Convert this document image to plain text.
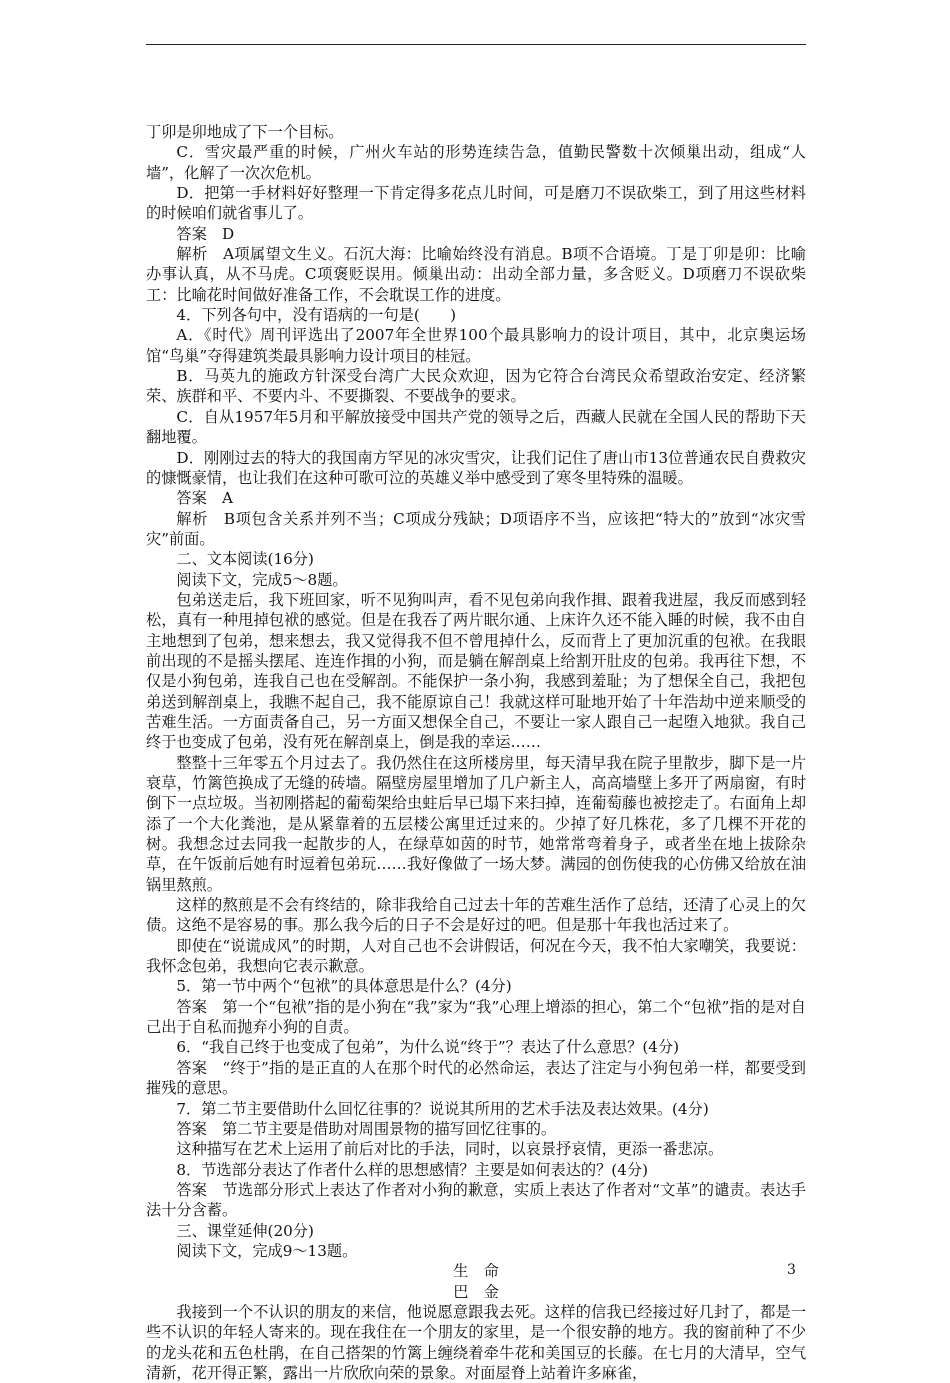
丁卯是卯地成了下一个目标。

C．雪灾最严重的时候，广州火车站的形势连续告急，值勤民警数十次倾巢出动，组成“人墙”，化解了一次次危机。

D．把第一手材料好好整理一下肯定得多花点儿时间，可是磨刀不误砍柴工，到了用这些材料的时候咱们就省事儿了。

答案　D

解析　A项属望文生义。石沉大海：比喻始终没有消息。B项不合语境。丁是丁卯是卯：比喻办事认真，从不马虎。C项褒贬误用。倾巢出动：出动全部力量，多含贬义。D项磨刀不误砍柴工：比喻花时间做好准备工作，不会耽误工作的进度。

4．下列各句中，没有语病的一句是(　　)

A．《时代》周刊评选出了2007年全世界100个最具影响力的设计项目，其中，北京奥运场馆“鸟巢”夺得建筑类最具影响力设计项目的桂冠。

B．马英九的施政方针深受台湾广大民众欢迎，因为它符合台湾民众希望政治安定、经济繁荣、族群和平、不要内斗、不要撕裂、不要战争的要求。

C．自从1957年5月和平解放接受中国共产党的领导之后，西藏人民就在全国人民的帮助下天翻地覆。

D．刚刚过去的特大的我国南方罕见的冰灾雪灾，让我们记住了唐山市13位普通农民自费救灾的慷慨豪情，也让我们在这种可歌可泣的英雄义举中感受到了寒冬里特殊的温暖。

答案　A

解析　B项包含关系并列不当；C项成分残缺；D项语序不当，应该把“特大的”放到“冰灾雪灾”前面。

二、文本阅读(16分)

阅读下文，完成5～8题。

包弟送走后，我下班回家，听不见狗叫声，看不见包弟向我作揖、跟着我进屋，我反而感到轻松，真有一种甩掉包袱的感觉。但是在我吞了两片眠尔通、上床许久还不能入睡的时候，我不由自主地想到了包弟，想来想去，我又觉得我不但不曾甩掉什么，反而背上了更加沉重的包袱。在我眼前出现的不是摇头摆尾、连连作揖的小狗，而是躺在解剖桌上给割开肚皮的包弟。我再往下想，不仅是小狗包弟，连我自己也在受解剖。不能保护一条小狗，我感到羞耻；为了想保全自己，我把包弟送到解剖桌上，我瞧不起自己，我不能原谅自己！我就这样可耻地开始了十年浩劫中逆来顺受的苦难生活。一方面责备自己，另一方面又想保全自己，不要让一家人跟自己一起堕入地狱。我自己终于也变成了包弟，没有死在解剖桌上，倒是我的幸运……

整整十三年零五个月过去了。我仍然住在这所楼房里，每天清早我在院子里散步，脚下是一片衰草，竹篱笆换成了无缝的砖墙。隔壁房屋里增加了几户新主人，高高墙壁上多开了两扇窗，有时倒下一点垃圾。当初刚搭起的葡萄架给虫蛀后早已塌下来扫掉，连葡萄藤也被挖走了。右面角上却添了一个大化粪池，是从紧靠着的五层楼公寓里迁过来的。少掉了好几株花，多了几棵不开花的树。我想念过去同我一起散步的人，在绿草如茵的时节，她常常弯着身子，或者坐在地上拔除杂草，在午饭前后她有时逗着包弟玩……我好像做了一场大梦。满园的创伤使我的心仿佛又给放在油锅里熬煎。

这样的熬煎是不会有终结的，除非我给自己过去十年的苦难生活作了总结，还清了心灵上的欠债。这绝不是容易的事。那么我今后的日子不会是好过的吧。但是那十年我也活过来了。

即使在“说谎成风”的时期，人对自己也不会讲假话，何况在今天，我不怕大家嘲笑，我要说：我怀念包弟，我想向它表示歉意。

5．第一节中两个“包袱”的具体意思是什么？(4分)

答案　第一个“包袱”指的是小狗在“我”家为“我”心理上增添的担心，第二个“包袱”指的是对自己出于自私而抛弃小狗的自责。

6．“我自己终于也变成了包弟”，为什么说“终于”？表达了什么意思？(4分)

答案　“终于”指的是正直的人在那个时代的必然命运，表达了注定与小狗包弟一样，都要受到摧残的意思。

7．第二节主要借助什么回忆往事的？说说其所用的艺术手法及表达效果。(4分)

答案　第二节主要是借助对周围景物的描写回忆往事的。

这种描写在艺术上运用了前后对比的手法，同时，以哀景抒哀情，更添一番悲凉。

8．节选部分表达了作者什么样的思想感情？主要是如何表达的？(4分)

答案　节选部分形式上表达了作者对小狗的歉意，实质上表达了作者对“文革”的谴责。表达手法十分含蓄。

三、课堂延伸(20分)

阅读下文，完成9～13题。

生　命

巴　金

我接到一个不认识的朋友的来信，他说愿意跟我去死。这样的信我已经接过好几封了，都是一些不认识的年轻人寄来的。现在我住在一个朋友的家里，是一个很安静的地方。我的窗前种了不少的龙头花和五色杜鹃，在自己搭架的竹篱上缠绕着牵牛花和美国豆的长藤。在七月的大清早，空气清新，花开得正繁，露出一片欣欣向荣的景象。对面屋脊上站着许多麻雀，

3
